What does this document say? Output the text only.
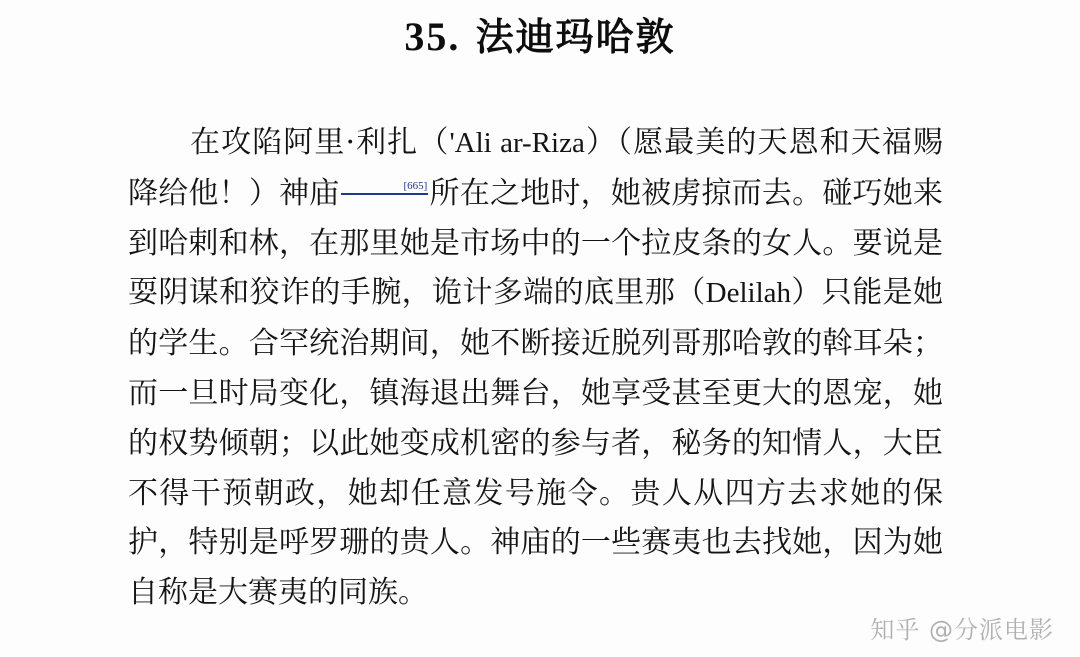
35. 法迪玛哈敦
在攻陷阿里·利扎（'Ali ar-Riza）（愿最美的天恩和天福赐降给他！）神庙	[665]所在之地时，她被虏掠而去。碰巧她来到哈剌和林，在那里她是市场中的一个拉皮条的女人。要说是耍阴谋和狡诈的手腕，诡计多端的底里那（Delilah）只能是她的学生。合罕统治期间，她不断接近脱列哥那哈敦的斡耳朵；而一旦时局变化，镇海退出舞台，她享受甚至更大的恩宠，她的权势倾朝；以此她变成机密的参与者，秘务的知情人，大臣不得干预朝政，她却任意发号施令。贵人从四方去求她的保护，特别是呼罗珊的贵人。神庙的一些赛夷也去找她，因为她自称是大赛夷的同族。
知乎 @分派电影
